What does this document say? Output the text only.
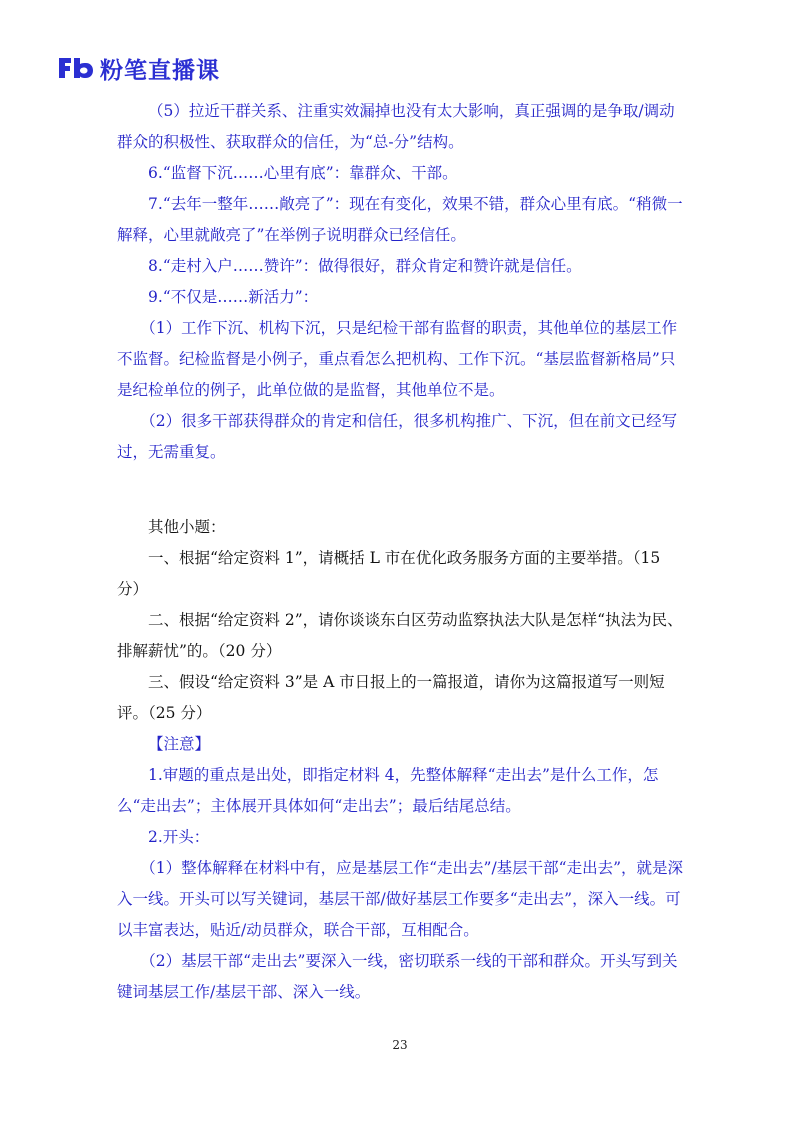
粉笔直播课

（5）拉近干群关系、注重实效漏掉也没有太大影响，真正强调的是争取/调动群众的积极性、获取群众的信任，为“总-分”结构。

6.“监督下沉……心里有底”：靠群众、干部。

7.“去年一整年……敞亮了”：现在有变化，效果不错，群众心里有底。“稍微一解释，心里就敞亮了”在举例子说明群众已经信任。

8.“走村入户……赞许”：做得很好，群众肯定和赞许就是信任。

9.“不仅是……新活力”：

（1）工作下沉、机构下沉，只是纪检干部有监督的职责，其他单位的基层工作不监督。纪检监督是小例子，重点看怎么把机构、工作下沉。“基层监督新格局”只是纪检单位的例子，此单位做的是监督，其他单位不是。

（2）很多干部获得群众的肯定和信任，很多机构推广、下沉，但在前文已经写过，无需重复。

其他小题：

一、根据“给定资料 1”，请概括 L 市在优化政务服务方面的主要举措。（15 分）

二、根据“给定资料 2”，请你谈谈东白区劳动监察执法大队是怎样“执法为民、排解薪忧”的。（20 分）

三、假设“给定资料 3”是 A 市日报上的一篇报道，请你为这篇报道写一则短评。（25 分）

【注意】

1.审题的重点是出处，即指定材料 4，先整体解释“走出去”是什么工作，怎么“走出去”；主体展开具体如何“走出去”；最后结尾总结。

2.开头：

（1）整体解释在材料中有，应是基层工作“走出去”/基层干部“走出去”，就是深入一线。开头可以写关键词，基层干部/做好基层工作要多“走出去”，深入一线。可以丰富表达，贴近/动员群众，联合干部，互相配合。

（2）基层干部“走出去”要深入一线，密切联系一线的干部和群众。开头写到关键词基层工作/基层干部、深入一线。

23
